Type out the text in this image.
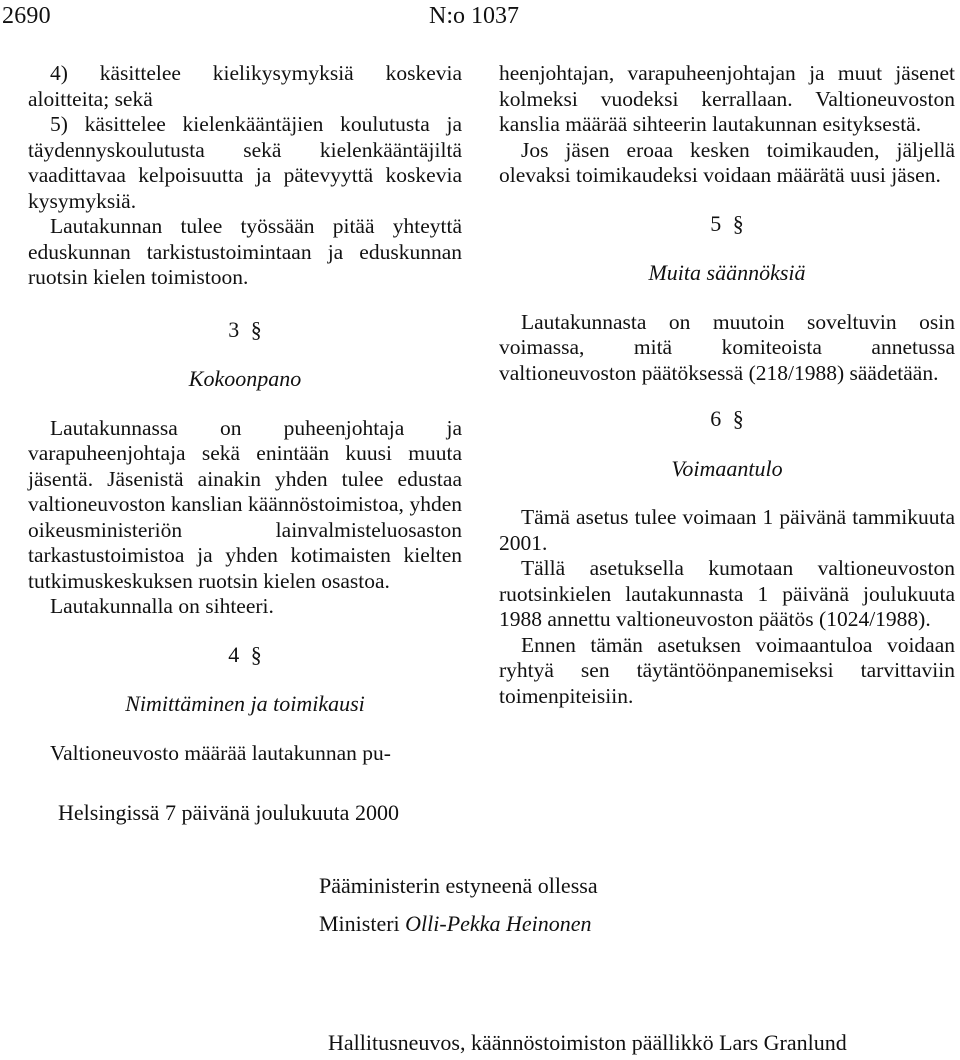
2690	N:o 1037

4) käsittelee kielikysymyksiä koskevia aloitteita; sekä

5) käsittelee kielenkääntäjien koulutusta ja täydennyskoulutusta sekä kielenkääntäjiltä vaadittavaa kelpoisuutta ja pätevyyttä koskevia kysymyksiä.

Lautakunnan tulee työssään pitää yhteyttä eduskunnan tarkistustoimintaan ja eduskunnan ruotsin kielen toimistoon.

3 §
Kokoonpano

Lautakunnassa on puheenjohtaja ja varapuheenjohtaja sekä enintään kuusi muuta jäsentä. Jäsenistä ainakin yhden tulee edustaa valtioneuvoston kanslian käännöstoimistoa, yhden oikeusministeriön lainvalmisteluosaston tarkastustoimistoa ja yhden kotimaisten kielten tutkimuskeskuksen ruotsin kielen osastoa.

Lautakunnalla on sihteeri.

4 §
Nimittäminen ja toimikausi

Valtioneuvosto määrää lautakunnan pu-

heenjohtajan, varapuheenjohtajan ja muut jäsenet kolmeksi vuodeksi kerrallaan. Valtioneuvoston kanslia määrää sihteerin lautakunnan esityksestä.

Jos jäsen eroaa kesken toimikauden, jäljellä olevaksi toimikaudeksi voidaan määrätä uusi jäsen.

5 §
Muita säännöksiä

Lautakunnasta on muutoin soveltuvin osin voimassa, mitä komiteoista annetussa valtioneuvoston päätöksessä (218/1988) säädetään.

6 §
Voimaantulo

Tämä asetus tulee voimaan 1 päivänä tammikuuta 2001.

Tällä asetuksella kumotaan valtioneuvoston ruotsinkielen lautakunnasta 1 päivänä joulukuuta 1988 annettu valtioneuvoston päätös (1024/1988).

Ennen tämän asetuksen voimaantuloa voidaan ryhtyä sen täytäntöönpanemiseksi tarvittaviin toimenpiteisiin.

Helsingissä 7 päivänä joulukuuta 2000
Pääministerin estyneenä ollessa
Ministeri Olli-Pekka Heinonen
Hallitusneuvos, käännöstoimiston päällikkö Lars Granlund
